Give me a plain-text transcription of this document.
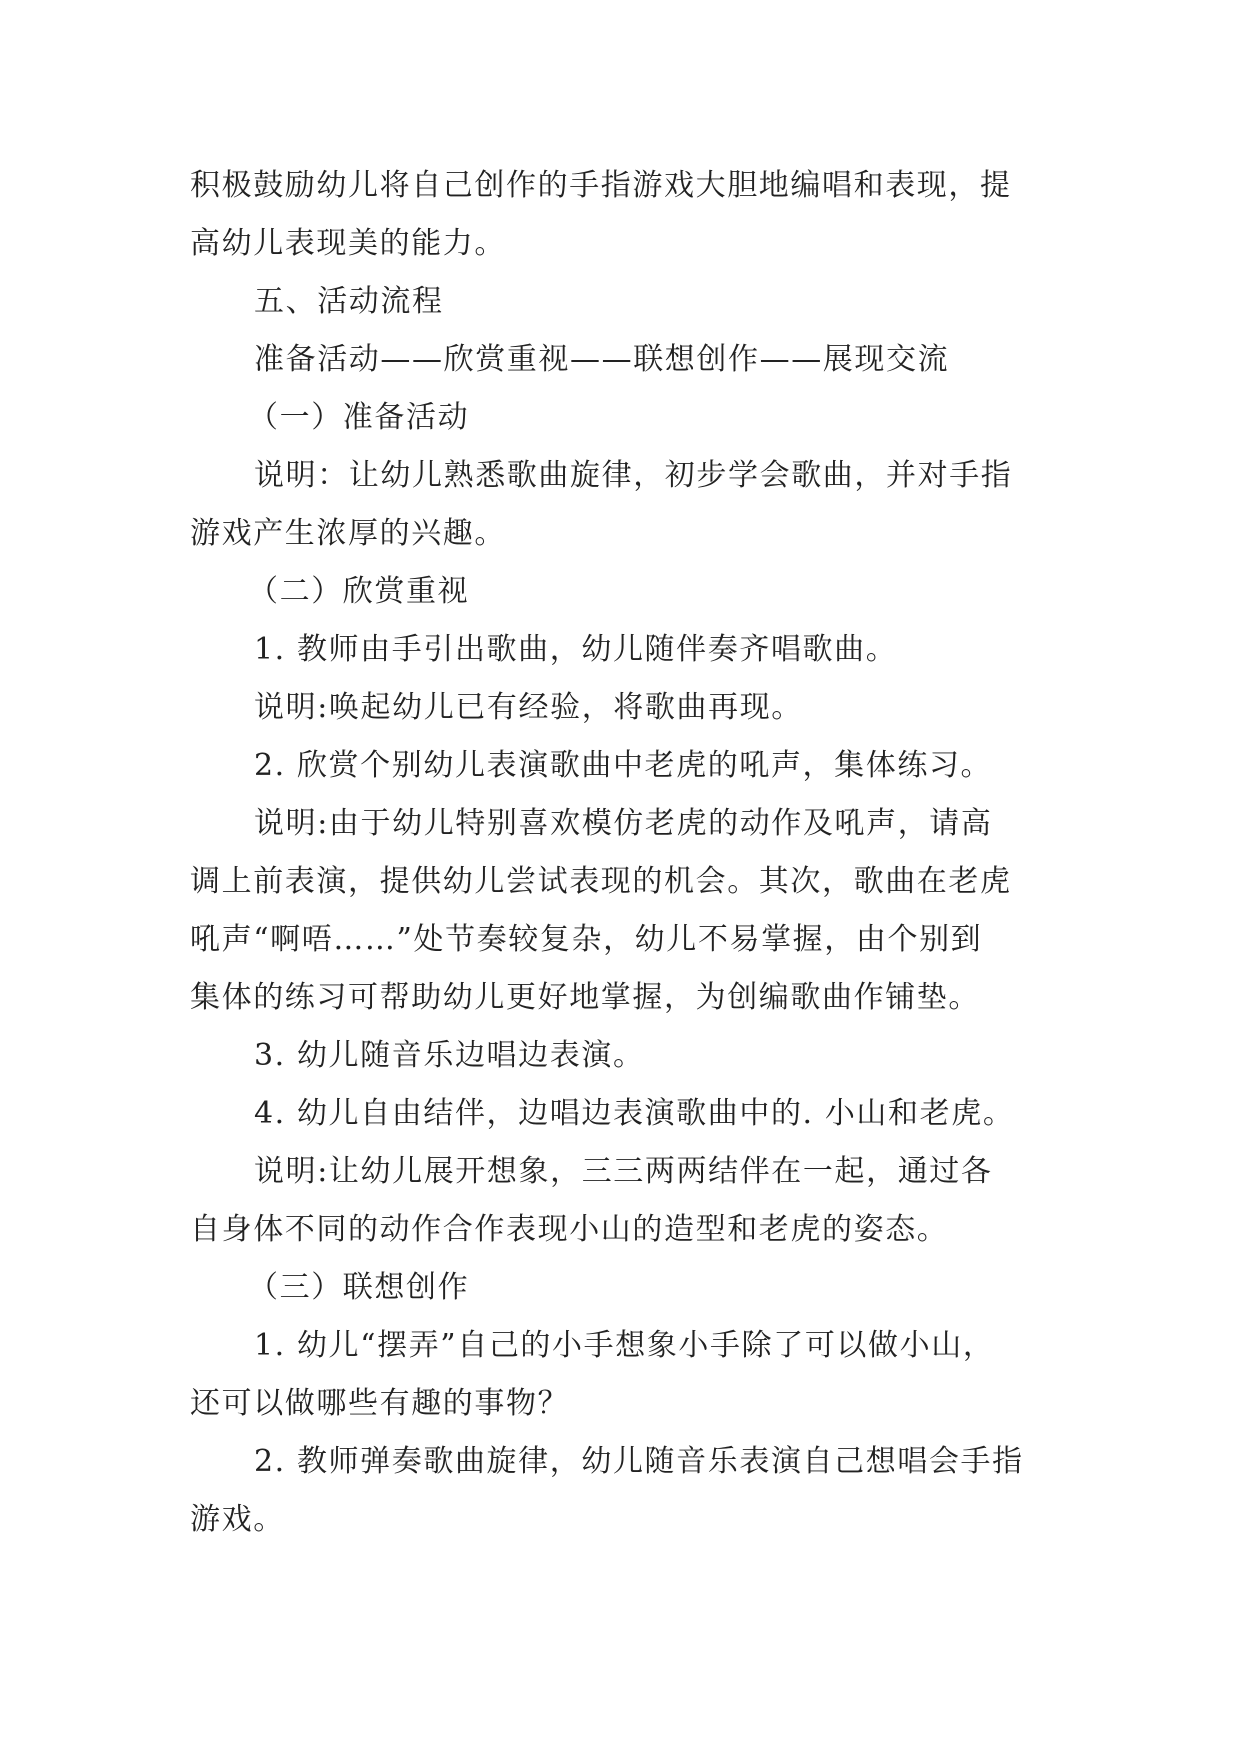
积极鼓励幼儿将自己创作的手指游戏大胆地编唱和表现，提
高幼儿表现美的能力。
五、活动流程
准备活动——欣赏重视——联想创作——展现交流
（一）准备活动
说明：让幼儿熟悉歌曲旋律，初步学会歌曲，并对手指
游戏产生浓厚的兴趣。
（二）欣赏重视
1. 教师由手引出歌曲，幼儿随伴奏齐唱歌曲。
说明:唤起幼儿已有经验，将歌曲再现。
2. 欣赏个别幼儿表演歌曲中老虎的吼声，集体练习。
说明:由于幼儿特别喜欢模仿老虎的动作及吼声，请高
调上前表演，提供幼儿尝试表现的机会。其次，歌曲在老虎
吼声“啊唔……”处节奏较复杂，幼儿不易掌握，由个别到
集体的练习可帮助幼儿更好地掌握，为创编歌曲作铺垫。
3. 幼儿随音乐边唱边表演。
4. 幼儿自由结伴，边唱边表演歌曲中的. 小山和老虎。
说明:让幼儿展开想象，三三两两结伴在一起，通过各
自身体不同的动作合作表现小山的造型和老虎的姿态。
（三）联想创作
1. 幼儿“摆弄”自己的小手想象小手除了可以做小山，
还可以做哪些有趣的事物？
2. 教师弹奏歌曲旋律，幼儿随音乐表演自己想唱会手指
游戏。
